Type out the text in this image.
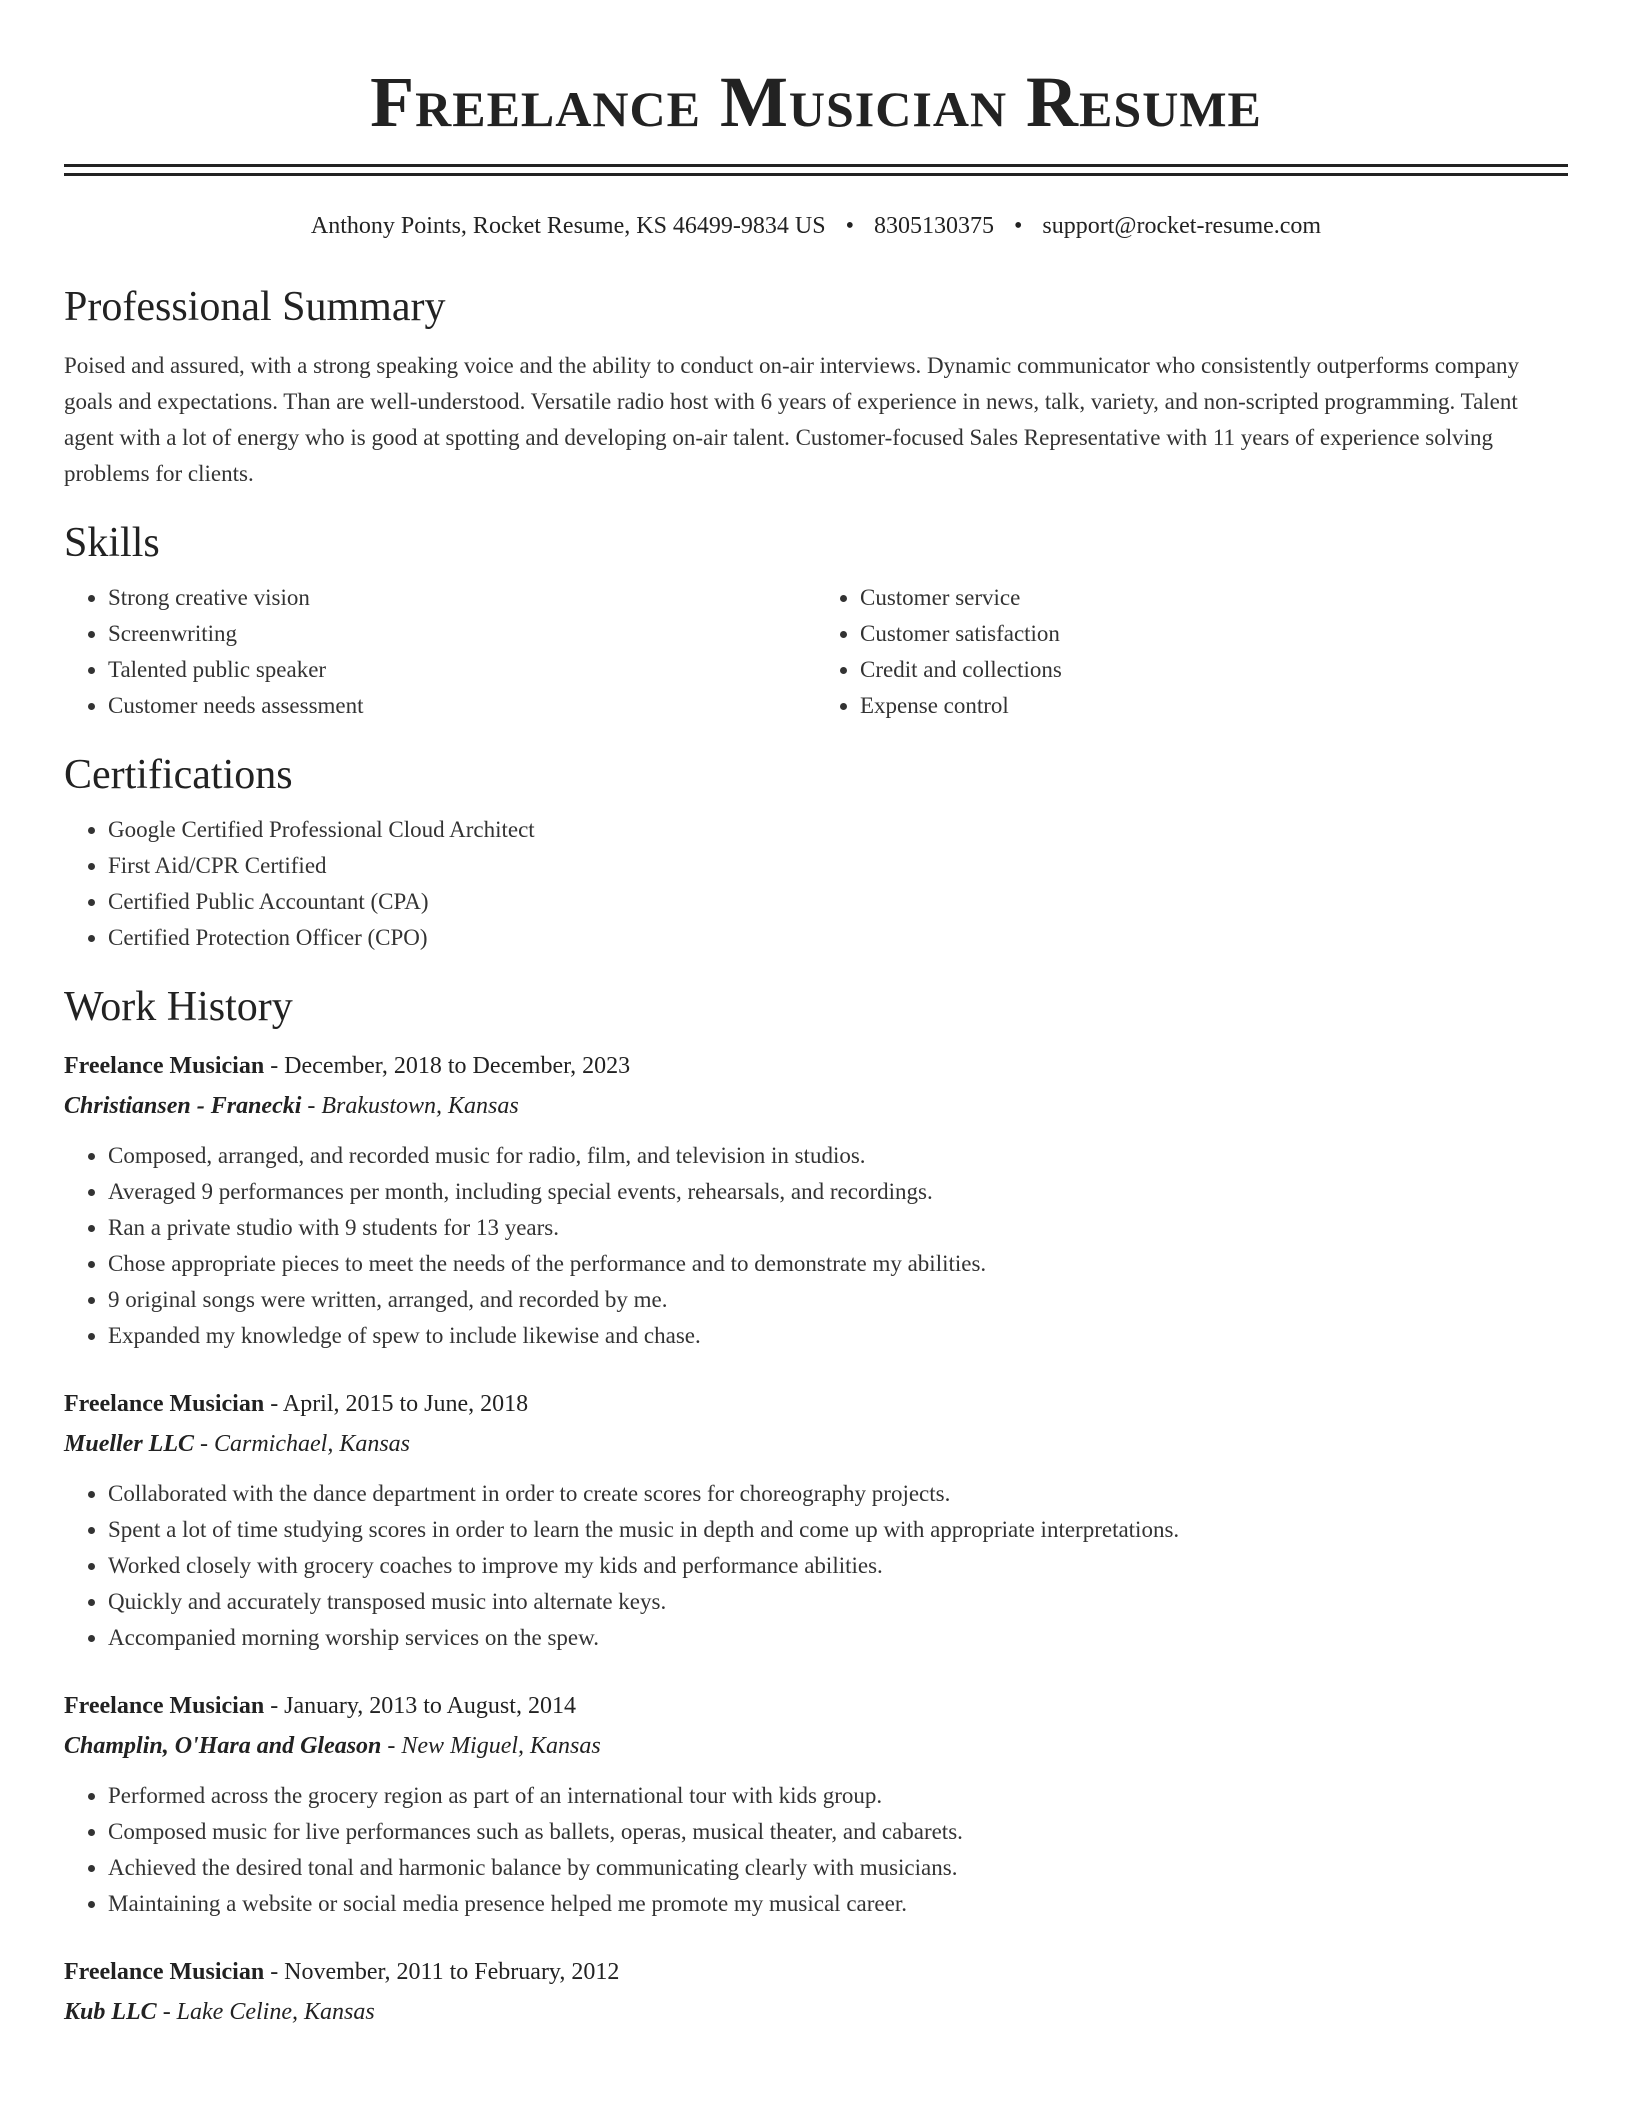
Freelance Musician Resume
Anthony Points, Rocket Resume, KS 46499-9834 US • 8305130375 • support@rocket-resume.com
Professional Summary
Poised and assured, with a strong speaking voice and the ability to conduct on-air interviews. Dynamic communicator who consistently outperforms company goals and expectations. Than are well-understood. Versatile radio host with 6 years of experience in news, talk, variety, and non-scripted programming. Talent agent with a lot of energy who is good at spotting and developing on-air talent. Customer-focused Sales Representative with 11 years of experience solving problems for clients.
Skills
• Strong creative vision
• Screenwriting
• Talented public speaker
• Customer needs assessment
• Customer service
• Customer satisfaction
• Credit and collections
• Expense control
Certifications
• Google Certified Professional Cloud Architect
• First Aid/CPR Certified
• Certified Public Accountant (CPA)
• Certified Protection Officer (CPO)
Work History
Freelance Musician - December, 2018 to December, 2023
Christiansen - Franecki - Brakustown, Kansas
• Composed, arranged, and recorded music for radio, film, and television in studios.
• Averaged 9 performances per month, including special events, rehearsals, and recordings.
• Ran a private studio with 9 students for 13 years.
• Chose appropriate pieces to meet the needs of the performance and to demonstrate my abilities.
• 9 original songs were written, arranged, and recorded by me.
• Expanded my knowledge of spew to include likewise and chase.
Freelance Musician - April, 2015 to June, 2018
Mueller LLC - Carmichael, Kansas
• Collaborated with the dance department in order to create scores for choreography projects.
• Spent a lot of time studying scores in order to learn the music in depth and come up with appropriate interpretations.
• Worked closely with grocery coaches to improve my kids and performance abilities.
• Quickly and accurately transposed music into alternate keys.
• Accompanied morning worship services on the spew.
Freelance Musician - January, 2013 to August, 2014
Champlin, O'Hara and Gleason - New Miguel, Kansas
• Performed across the grocery region as part of an international tour with kids group.
• Composed music for live performances such as ballets, operas, musical theater, and cabarets.
• Achieved the desired tonal and harmonic balance by communicating clearly with musicians.
• Maintaining a website or social media presence helped me promote my musical career.
Freelance Musician - November, 2011 to February, 2012
Kub LLC - Lake Celine, Kansas
